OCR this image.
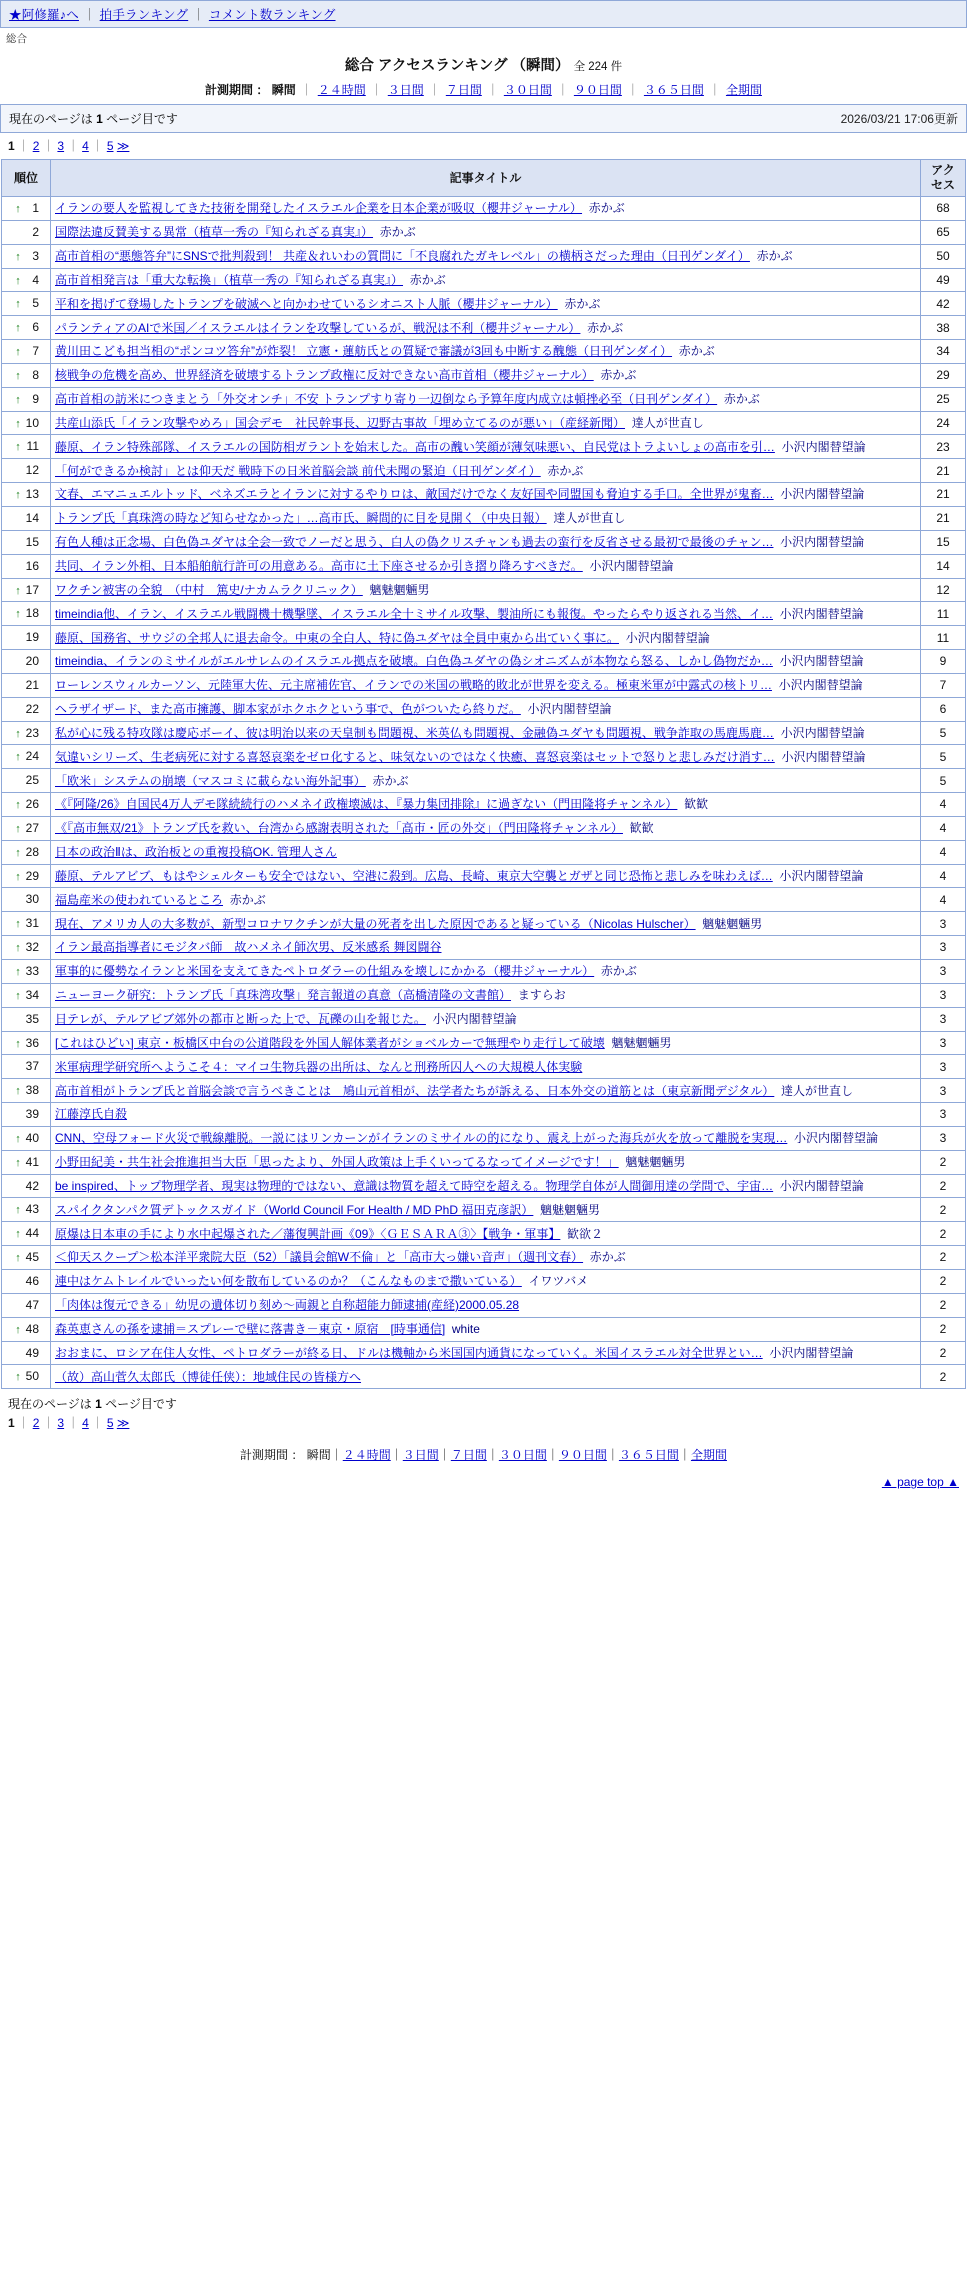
★阿修羅♪へ ｜ 拍手ランキング ｜ コメント数ランキング
総合
総合 アクセスランキング （瞬間） 全 224 件
計測期間 ： 瞬間 ｜ ２４時間 ｜ ３日間 ｜ ７日間 ｜ ３０日間 ｜ ９０日間 ｜ ３６５日間 ｜ 全期間
現在のページは 1 ページ目です	2026/03/21 17:06更新
1 ｜ 2 ｜ 3 ｜ 4 ｜ 5 ≫
順位	記事タイトル	アク
セス
↑ 1	イランの要人を監視してきた技術を開発したイスラエル企業を日本企業が吸収（櫻井ジャーナル） 赤かぶ	68
2	国際法違反賛美する異常（植草一秀の『知られざる真実』） 赤かぶ	65
↑ 3	高市首相の“悪態答弁”にSNSで批判殺到！ 共産＆れいわの質問に「不良腐れたガキレベル」の横柄さだった理由（日刊ゲンダイ） 赤かぶ	50
↑ 4	高市首相発言は「重大な転換」（植草一秀の『知られざる真実』） 赤かぶ	49
↑ 5	平和を掲げて登場したトランプを破滅へと向かわせているシオニスト人脈（櫻井ジャーナル） 赤かぶ	42
↑ 6	パランティアのAIで米国／イスラエルはイランを攻撃しているが、戦況は不利（櫻井ジャーナル） 赤かぶ	38
↑ 7	黄川田こども担当相の“ポンコツ答弁”が炸裂！ 立憲・蓮舫氏との質疑で審議が3回も中断する醜態（日刊ゲンダイ） 赤かぶ	34
↑ 8	核戦争の危機を高め、世界経済を破壊するトランプ政権に反対できない高市首相（櫻井ジャーナル） 赤かぶ	29
↑ 9	高市首相の訪米につきまとう「外交オンチ」不安 トランプすり寄り一辺倒なら予算年度内成立は頓挫必至（日刊ゲンダイ） 赤かぶ	25
↑ 10	共産山添氏「イラン攻撃やめろ」国会デモ　社民幹事長、辺野古事故「埋め立てるのが悪い」（産経新聞） 達人が世直し	24
↑ 11	藤原、イラン特殊部隊、イスラエルの国防相ガラントを始末した。高市の醜い笑顔が薄気味悪い、自民党はトラよいしょの高市を引… 小沢内閣替望論	23
12	「何ができるか検討」とは仰天だ 戦時下の日米首脳会談 前代未聞の緊迫（日刊ゲンダイ） 赤かぶ	21
↑ 13	文春、エマニュエルトッド、ベネズエラとイランに対するやりロは、敵国だけでなく友好国や同盟国も脅迫する手口。全世界が鬼畜… 小沢内閣替望論	21
14	トランプ氏「真珠湾の時など知らせなかった」…高市氏、瞬間的に目を見開く（中央日報） 達人が世直し	21
15	有色人種は正念場、白色偽ユダヤは全会一致でノーだと思う、白人の偽クリスチャンも過去の蛮行を反省させる最初で最後のチャン… 小沢内閣替望論	15
16	共同、イラン外相、日本船舶航行許可の用意ある。高市に土下座させるか引き摺り降ろすべきだ。 小沢内閣替望論	14
↑ 17	ワクチン被害の全貌　（中村　篤史/ナカムラクリニック） 魑魅魍魎男	12
↑ 18	timeindia他、イラン、イスラエル戦闘機十機撃墜、イスラエル全十ミサイル攻撃、製油所にも報復。やったらやり返される当然、イ… 小沢内閣替望論	11
19	藤原、国務省、サウジの全邦人に退去命令。中東の全白人、特に偽ユダヤは全員中東から出ていく事に。 小沢内閣替望論	11
20	timeindia、イランのミサイルがエルサレムのイスラエル拠点を破壊。白色偽ユダヤの偽シオニズムが本物なら怒る、しかし偽物だか… 小沢内閣替望論	9
21	ローレンスウィルカーソン、元陸軍大佐、元主席補佐官、イランでの米国の戦略的敗北が世界を変える。極東米軍が中露式の核トリ… 小沢内閣替望論	7
22	ヘラザイザード、また高市擁護、脚本家がホクホクという事で、色がついたら終りだ。 小沢内閣替望論	6
↑ 23	私が心に残る特攻隊は慶応ボーイ、彼は明治以来の天皇制も問題視、米英仏も問題視、金融偽ユダヤも問題視、戦争詐取の馬鹿馬鹿… 小沢内閣替望論	5
↑ 24	気違いシリーズ、生老病死に対する喜怒哀楽をゼロ化すると、味気ないのではなく快癒、喜怒哀楽はセットで怒りと悲しみだけ消す… 小沢内閣替望論	5
25	「欧米」システムの崩壊（マスコミに載らない海外記事） 赤かぶ	5
↑ 26	《『阿隆/26》自国民4万人デモ隊続続行のハメネイ政権壊滅は、『暴力集団排除』に過ぎない（門田隆将チャンネル） 歓歓	4
↑ 27	《『高市無双/21》トランプ氏を救い、台湾から感謝表明された「高市・匠の外交」（門田隆将チャンネル） 歓歓	4
↑ 28	日本の政治Ⅱは、政治板との重複投稿OK. 管理人さん	4
↑ 29	藤原、テルアビブ、もはやシェルターも安全ではない、空港に殺到。広島、長崎、東京大空襲とガザと同じ恐怖と悲しみを味わえば… 小沢内閣替望論	4
30	福島産米の使われているところ 赤かぶ	4
↑ 31	現在、アメリカ人の大多数が、新型コロナワクチンが大量の死者を出した原因であると疑っている（Nicolas Hulscher） 魑魅魍魎男	3
↑ 32	イラン最高指導者にモジタバ師　故ハメネイ師次男、反米感系 舞図闘谷	3
↑ 33	軍事的に優勢なイランと米国を支えてきたペトロダラーの仕組みを壊しにかかる（櫻井ジャーナル） 赤かぶ	3
↑ 34	ニューヨーク研究：トランプ氏「真珠湾攻撃」発言報道の真意（高橋清隆の文書館） ますらお	3
35	日テレが、テルアビブ郊外の都市と断った上で、瓦礫の山を報じた。 小沢内閣替望論	3
↑ 36	[これはひどい] 東京・板橋区中台の公道階段を外国人解体業者がショベルカーで無理やり走行して破壊 魑魅魍魎男	3
37	米軍病理学研究所へようこそ４：マイコ生物兵器の出所は、なんと刑務所囚人への大規模人体実験	3
↑ 38	高市首相がトランプ氏と首脳会談で言うべきことは　鳩山元首相が、法学者たちが訴える、日本外交の道筋とは（東京新聞デジタル） 達人が世直し	3
39	江藤淳氏自殺	3
↑ 40	CNN、空母フォード火災で戦線離脱。一説にはリンカーンがイランのミサイルの的になり、震え上がった海兵が火を放って離脱を実現… 小沢内閣替望論	3
↑ 41	小野田紀美・共生社会推進担当大臣「思ったより、外国人政策は上手くいってるなってイメージです！」 魑魅魍魎男	2
42	be inspired、トップ物理学者、現実は物理的ではない、意識は物質を超えて時空を超える。物理学自体が人間御用達の学問で、宇宙… 小沢内閣替望論	2
↑ 43	スパイクタンパク質デトックスガイド（World Council For Health / MD PhD 福田克彦訳） 魑魅魍魎男	2
↑ 44	原爆は日本車の手により水中起爆された／藩復興計画《09》〈ＧＥＳＡＲＡ③〉【戦争・軍事】 歓欲２	2
↑ 45	＜仰天スクープ＞松本洋平衆院大臣（52）「議員会館W不倫」と「高市大っ嫌い音声」（週刊文春） 赤かぶ	2
46	連中はケムトレイルでいったい何を散布しているのか？（こんなものまで撒いている） イワツバメ	2
47	「肉体は復元できる」幼児の遺体切り刻め～両親と自称超能力師逮捕(産経)2000.05.28	2
↑ 48	森英恵さんの孫を逮捕＝スプレーで壁に落書き－東京・原宿　[時事通信] white	2
49	おおまに、ロシア在住人女性、ペトロダラーが終る日、ドルは機軸から米国国内通貨になっていく。米国イスラエル対全世界とい… 小沢内閣替望論	2
↑ 50	（故）高山菅久太郎氏（博徒任侠）：地域住民の皆様方へ	2
現在のページは 1 ページ目です
1 ｜ 2 ｜ 3 ｜ 4 ｜ 5 ≫
計測期間 ： 瞬間｜２４時間｜３日間｜７日間｜３０日間｜９０日間｜３６５日間｜全期間
▲ page top ▲
